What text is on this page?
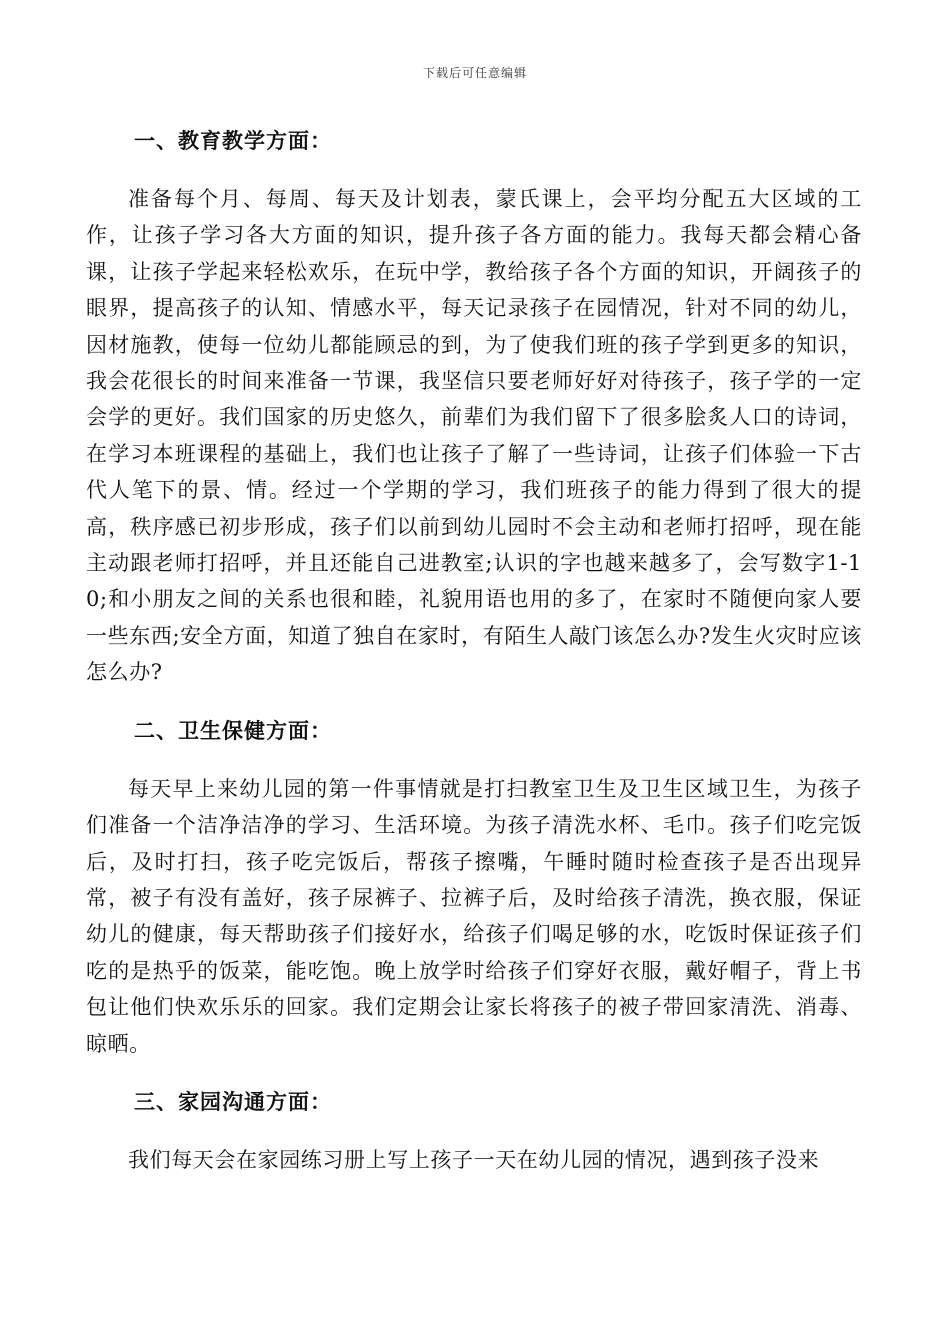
下载后可任意编辑
一、教育教学方面：

准备每个月、每周、每天及计划表，蒙氏课上，会平均分配五大区域的工作，让孩子学习各大方面的知识，提升孩子各方面的能力。我每天都会精心备课，让孩子学起来轻松欢乐，在玩中学，教给孩子各个方面的知识，开阔孩子的眼界，提高孩子的认知、情感水平，每天记录孩子在园情况，针对不同的幼儿，因材施教，使每一位幼儿都能顾忌的到，为了使我们班的孩子学到更多的知识，我会花很长的时间来准备一节课，我坚信只要老师好好对待孩子，孩子学的一定会学的更好。我们国家的历史悠久，前辈们为我们留下了很多脍炙人口的诗词，在学习本班课程的基础上，我们也让孩子了解了一些诗词，让孩子们体验一下古代人笔下的景、情。经过一个学期的学习，我们班孩子的能力得到了很大的提高，秩序感已初步形成，孩子们以前到幼儿园时不会主动和老师打招呼，现在能主动跟老师打招呼，并且还能自己进教室;认识的字也越来越多了，会写数字1-10;和小朋友之间的关系也很和睦，礼貌用语也用的多了，在家时不随便向家人要一些东西;安全方面，知道了独自在家时，有陌生人敲门该怎么办?发生火灾时应该怎么办?

二、卫生保健方面：

每天早上来幼儿园的第一件事情就是打扫教室卫生及卫生区域卫生，为孩子们准备一个洁净洁净的学习、生活环境。为孩子清洗水杯、毛巾。孩子们吃完饭后，及时打扫，孩子吃完饭后，帮孩子擦嘴，午睡时随时检查孩子是否出现异常，被子有没有盖好，孩子尿裤子、拉裤子后，及时给孩子清洗，换衣服，保证幼儿的健康，每天帮助孩子们接好水，给孩子们喝足够的水，吃饭时保证孩子们吃的是热乎的饭菜，能吃饱。晚上放学时给孩子们穿好衣服，戴好帽子，背上书包让他们快欢乐乐的回家。我们定期会让家长将孩子的被子带回家清洗、消毒、晾晒。

三、家园沟通方面：

我们每天会在家园练习册上写上孩子一天在幼儿园的情况，遇到孩子没来
